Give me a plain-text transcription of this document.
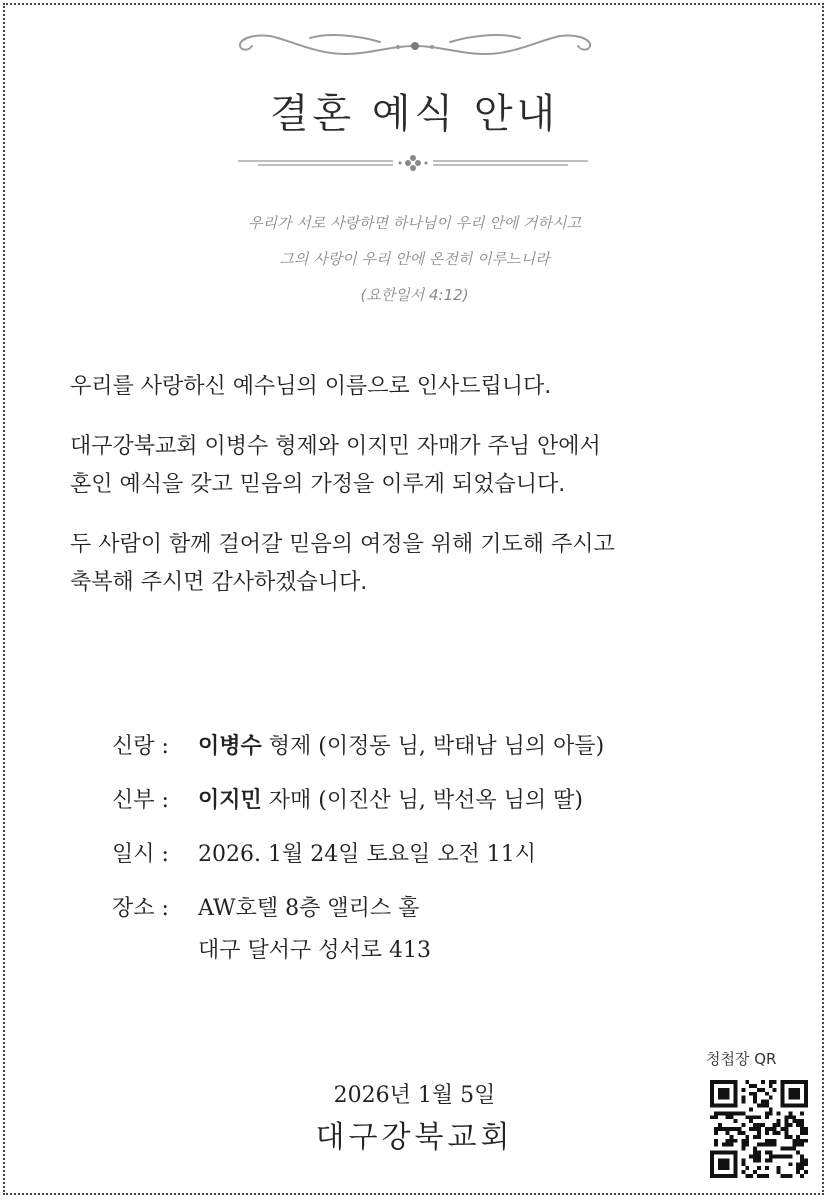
결혼 예식 안내
우리가 서로 사랑하면 하나님이 우리 안에 거하시고
그의 사랑이 우리 안에 온전히 이루느니라
(요한일서 4:12)
우리를 사랑하신 예수님의 이름으로 인사드립니다.
대구강북교회 이병수 형제와 이지민 자매가 주님 안에서
혼인 예식을 갖고 믿음의 가정을 이루게 되었습니다.
두 사람이 함께 걸어갈 믿음의 여정을 위해 기도해 주시고
축복해 주시면 감사하겠습니다.
신랑 :	이병수 형제 (이정동 님, 박태남 님의 아들)
신부 :	이지민 자매 (이진산 님, 박선옥 님의 딸)
일시 :	2026. 1월 24일 토요일 오전 11시
장소 :	AW호텔 8층 앨리스 홀
대구 달서구 성서로 413
2026년 1월 5일
대구강북교회
청첩장 QR
